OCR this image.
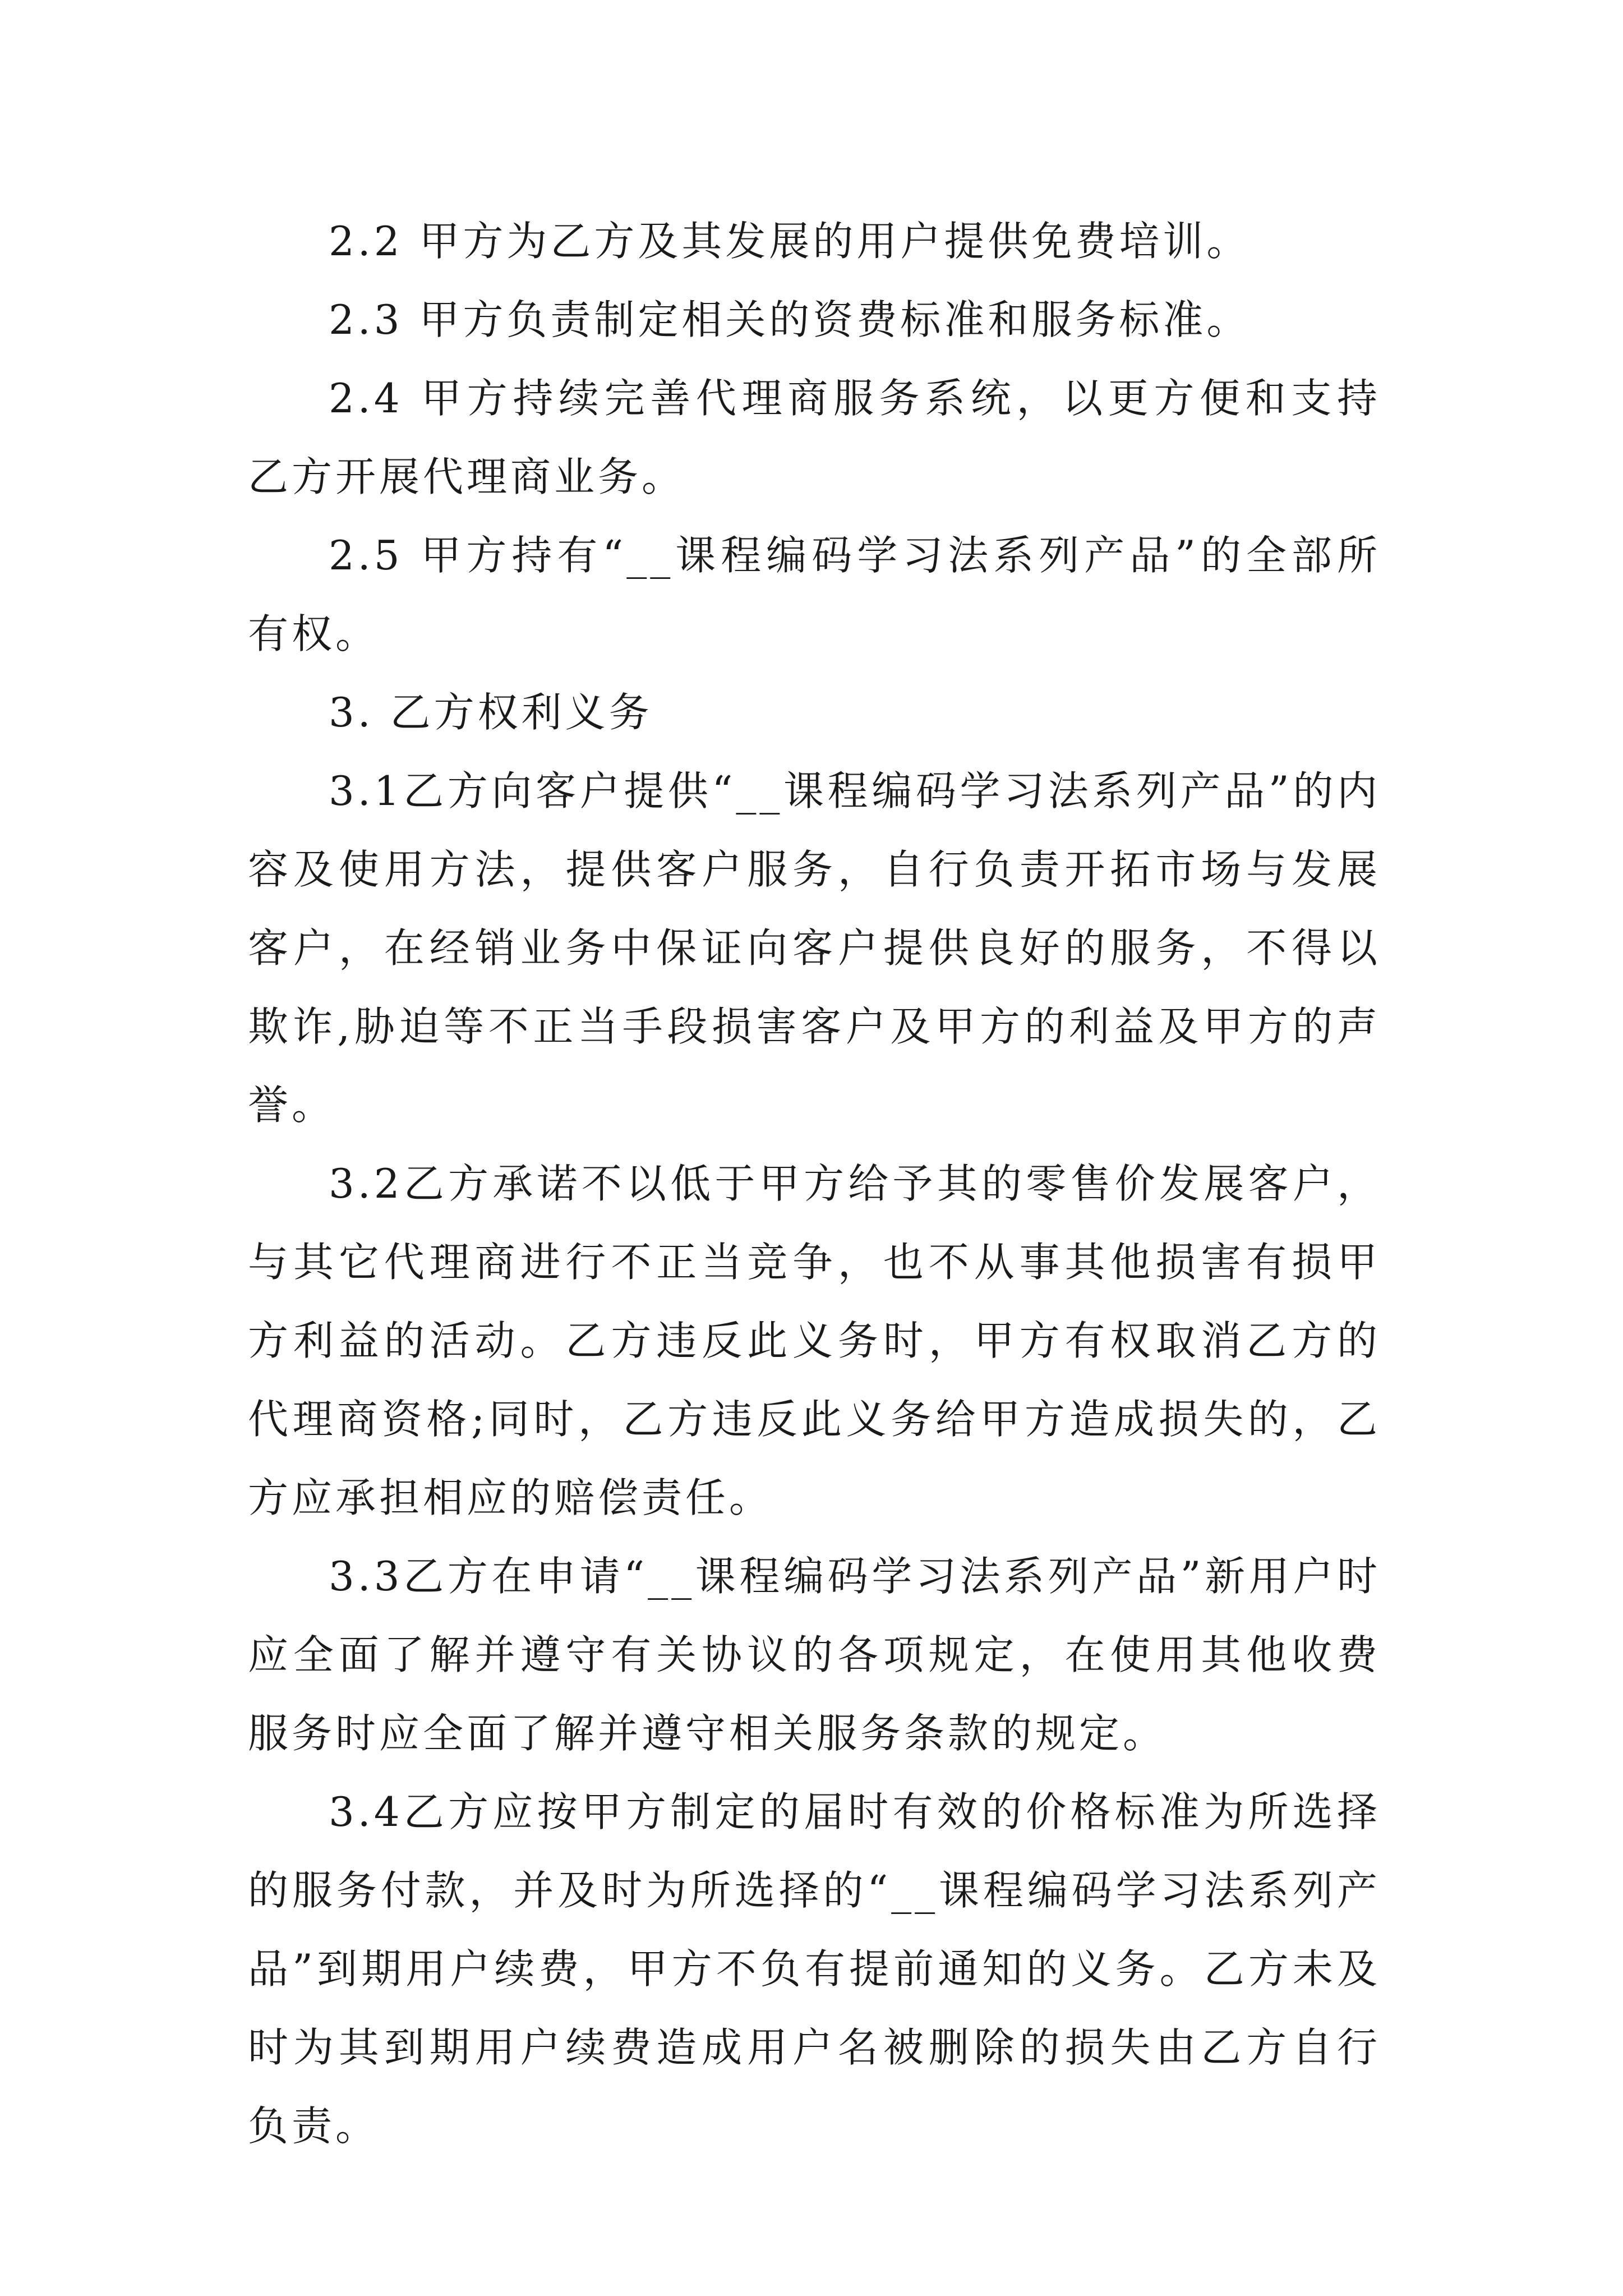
2.2 甲方为乙方及其发展的用户提供免费培训。

2.3 甲方负责制定相关的资费标准和服务标准。

2.4 甲方持续完善代理商服务系统，以更方便和支持乙方开展代理商业务。

2.5 甲方持有“__课程编码学习法系列产品”的全部所有权。

3. 乙方权利义务

3.1乙方向客户提供“__课程编码学习法系列产品”的内容及使用方法，提供客户服务，自行负责开拓市场与发展客户，在经销业务中保证向客户提供良好的服务，不得以欺诈,胁迫等不正当手段损害客户及甲方的利益及甲方的声誉。

3.2乙方承诺不以低于甲方给予其的零售价发展客户，与其它代理商进行不正当竞争，也不从事其他损害有损甲方利益的活动。乙方违反此义务时，甲方有权取消乙方的代理商资格;同时，乙方违反此义务给甲方造成损失的，乙方应承担相应的赔偿责任。

3.3乙方在申请“__课程编码学习法系列产品”新用户时应全面了解并遵守有关协议的各项规定，在使用其他收费服务时应全面了解并遵守相关服务条款的规定。

3.4乙方应按甲方制定的届时有效的价格标准为所选择的服务付款，并及时为所选择的“__课程编码学习法系列产品”到期用户续费，甲方不负有提前通知的义务。乙方未及时为其到期用户续费造成用户名被删除的损失由乙方自行负责。
